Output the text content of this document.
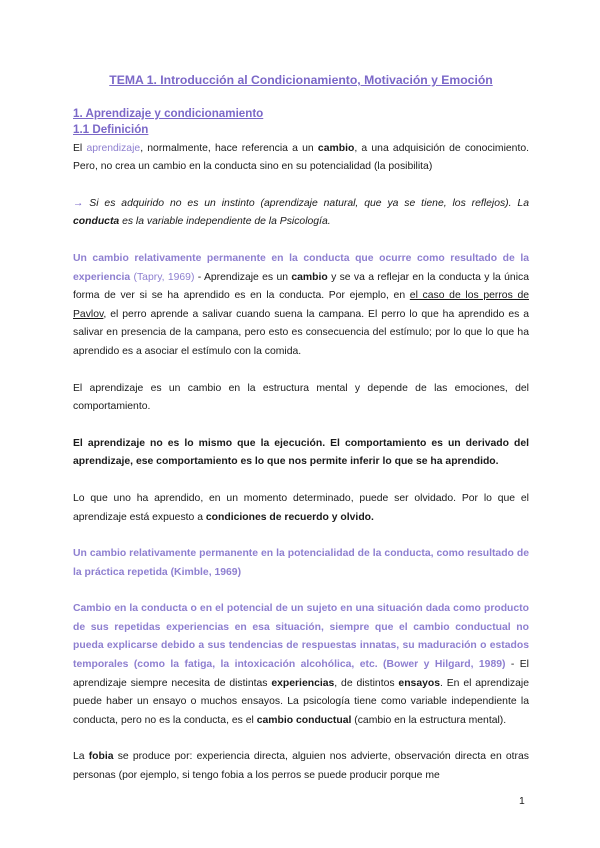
TEMA 1. Introducción al Condicionamiento, Motivación y Emoción

1. Aprendizaje y condicionamiento

1.1 Definición

El aprendizaje, normalmente, hace referencia a un cambio, a una adquisición de conocimiento. Pero, no crea un cambio en la conducta sino en su potencialidad (la posibilita)

→ Si es adquirido no es un instinto (aprendizaje natural, que ya se tiene, los reflejos). La conducta es la variable independiente de la Psicología.

Un cambio relativamente permanente en la conducta que ocurre como resultado de la experiencia (Tapry, 1969) - Aprendizaje es un cambio y se va a reflejar en la conducta y la única forma de ver si se ha aprendido es en la conducta. Por ejemplo, en el caso de los perros de Pavlov, el perro aprende a salivar cuando suena la campana. El perro lo que ha aprendido es a salivar en presencia de la campana, pero esto es consecuencia del estímulo; por lo que lo que ha aprendido es a asociar el estímulo con la comida.

El aprendizaje es un cambio en la estructura mental y depende de las emociones, del comportamiento.

El aprendizaje no es lo mismo que la ejecución. El comportamiento es un derivado del aprendizaje, ese comportamiento es lo que nos permite inferir lo que se ha aprendido.

Lo que uno ha aprendido, en un momento determinado, puede ser olvidado. Por lo que el aprendizaje está expuesto a condiciones de recuerdo y olvido.

Un cambio relativamente permanente en la potencialidad de la conducta, como resultado de la práctica repetida (Kimble, 1969)

Cambio en la conducta o en el potencial de un sujeto en una situación dada como producto de sus repetidas experiencias en esa situación, siempre que el cambio conductual no pueda explicarse debido a sus tendencias de respuestas innatas, su maduración o estados temporales (como la fatiga, la intoxicación alcohólica, etc. (Bower y Hilgard, 1989) - El aprendizaje siempre necesita de distintas experiencias, de distintos ensayos. En el aprendizaje puede haber un ensayo o muchos ensayos. La psicología tiene como variable independiente la conducta, pero no es la conducta, es el cambio conductual (cambio en la estructura mental).

La fobia se produce por: experiencia directa, alguien nos advierte, observación directa en otras personas (por ejemplo, si tengo fobia a los perros se puede producir porque me

1
